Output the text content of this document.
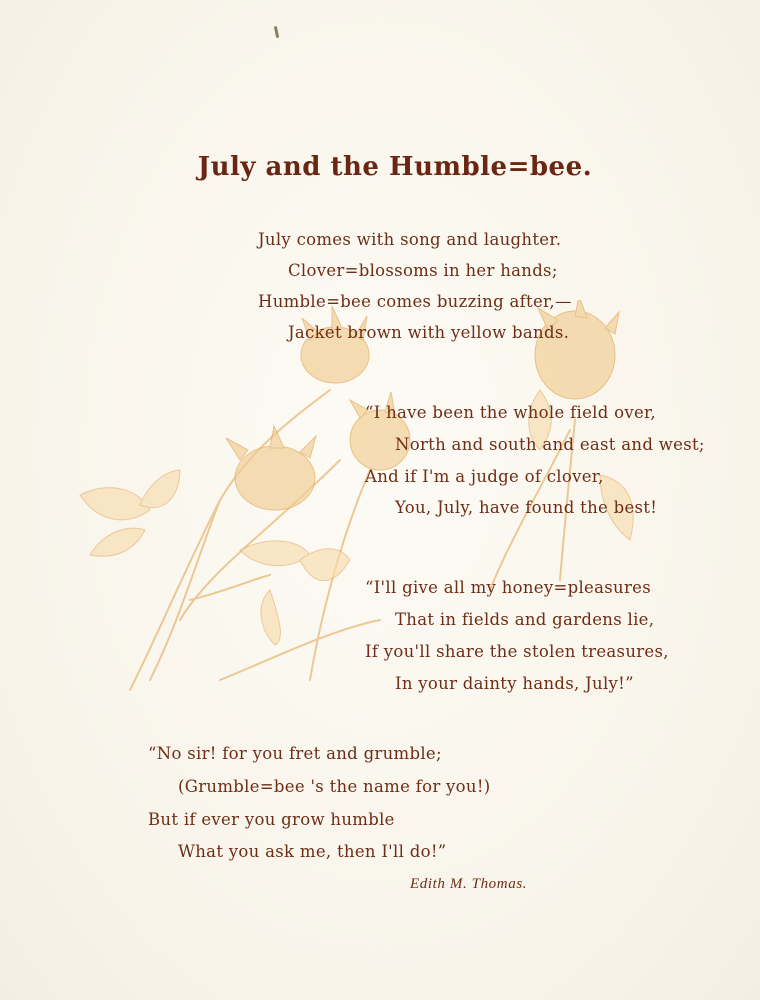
July and the Humble=bee.

July comes with song and laughter.

Clover=blossoms in her hands;

Humble=bee comes buzzing after,—

Jacket brown with yellow bands.

“I have been the whole field over,

North and south and east and west;

And if I'm a judge of clover,

You, July, have found the best!

“I'll give all my honey=pleasures

That in fields and gardens lie,

If you'll share the stolen treasures,

In your dainty hands, July!”

“No sir! for you fret and grumble;

(Grumble=bee 's the name for you!)

But if ever you grow humble

What you ask me, then I'll do!”

Edith M. Thomas.
